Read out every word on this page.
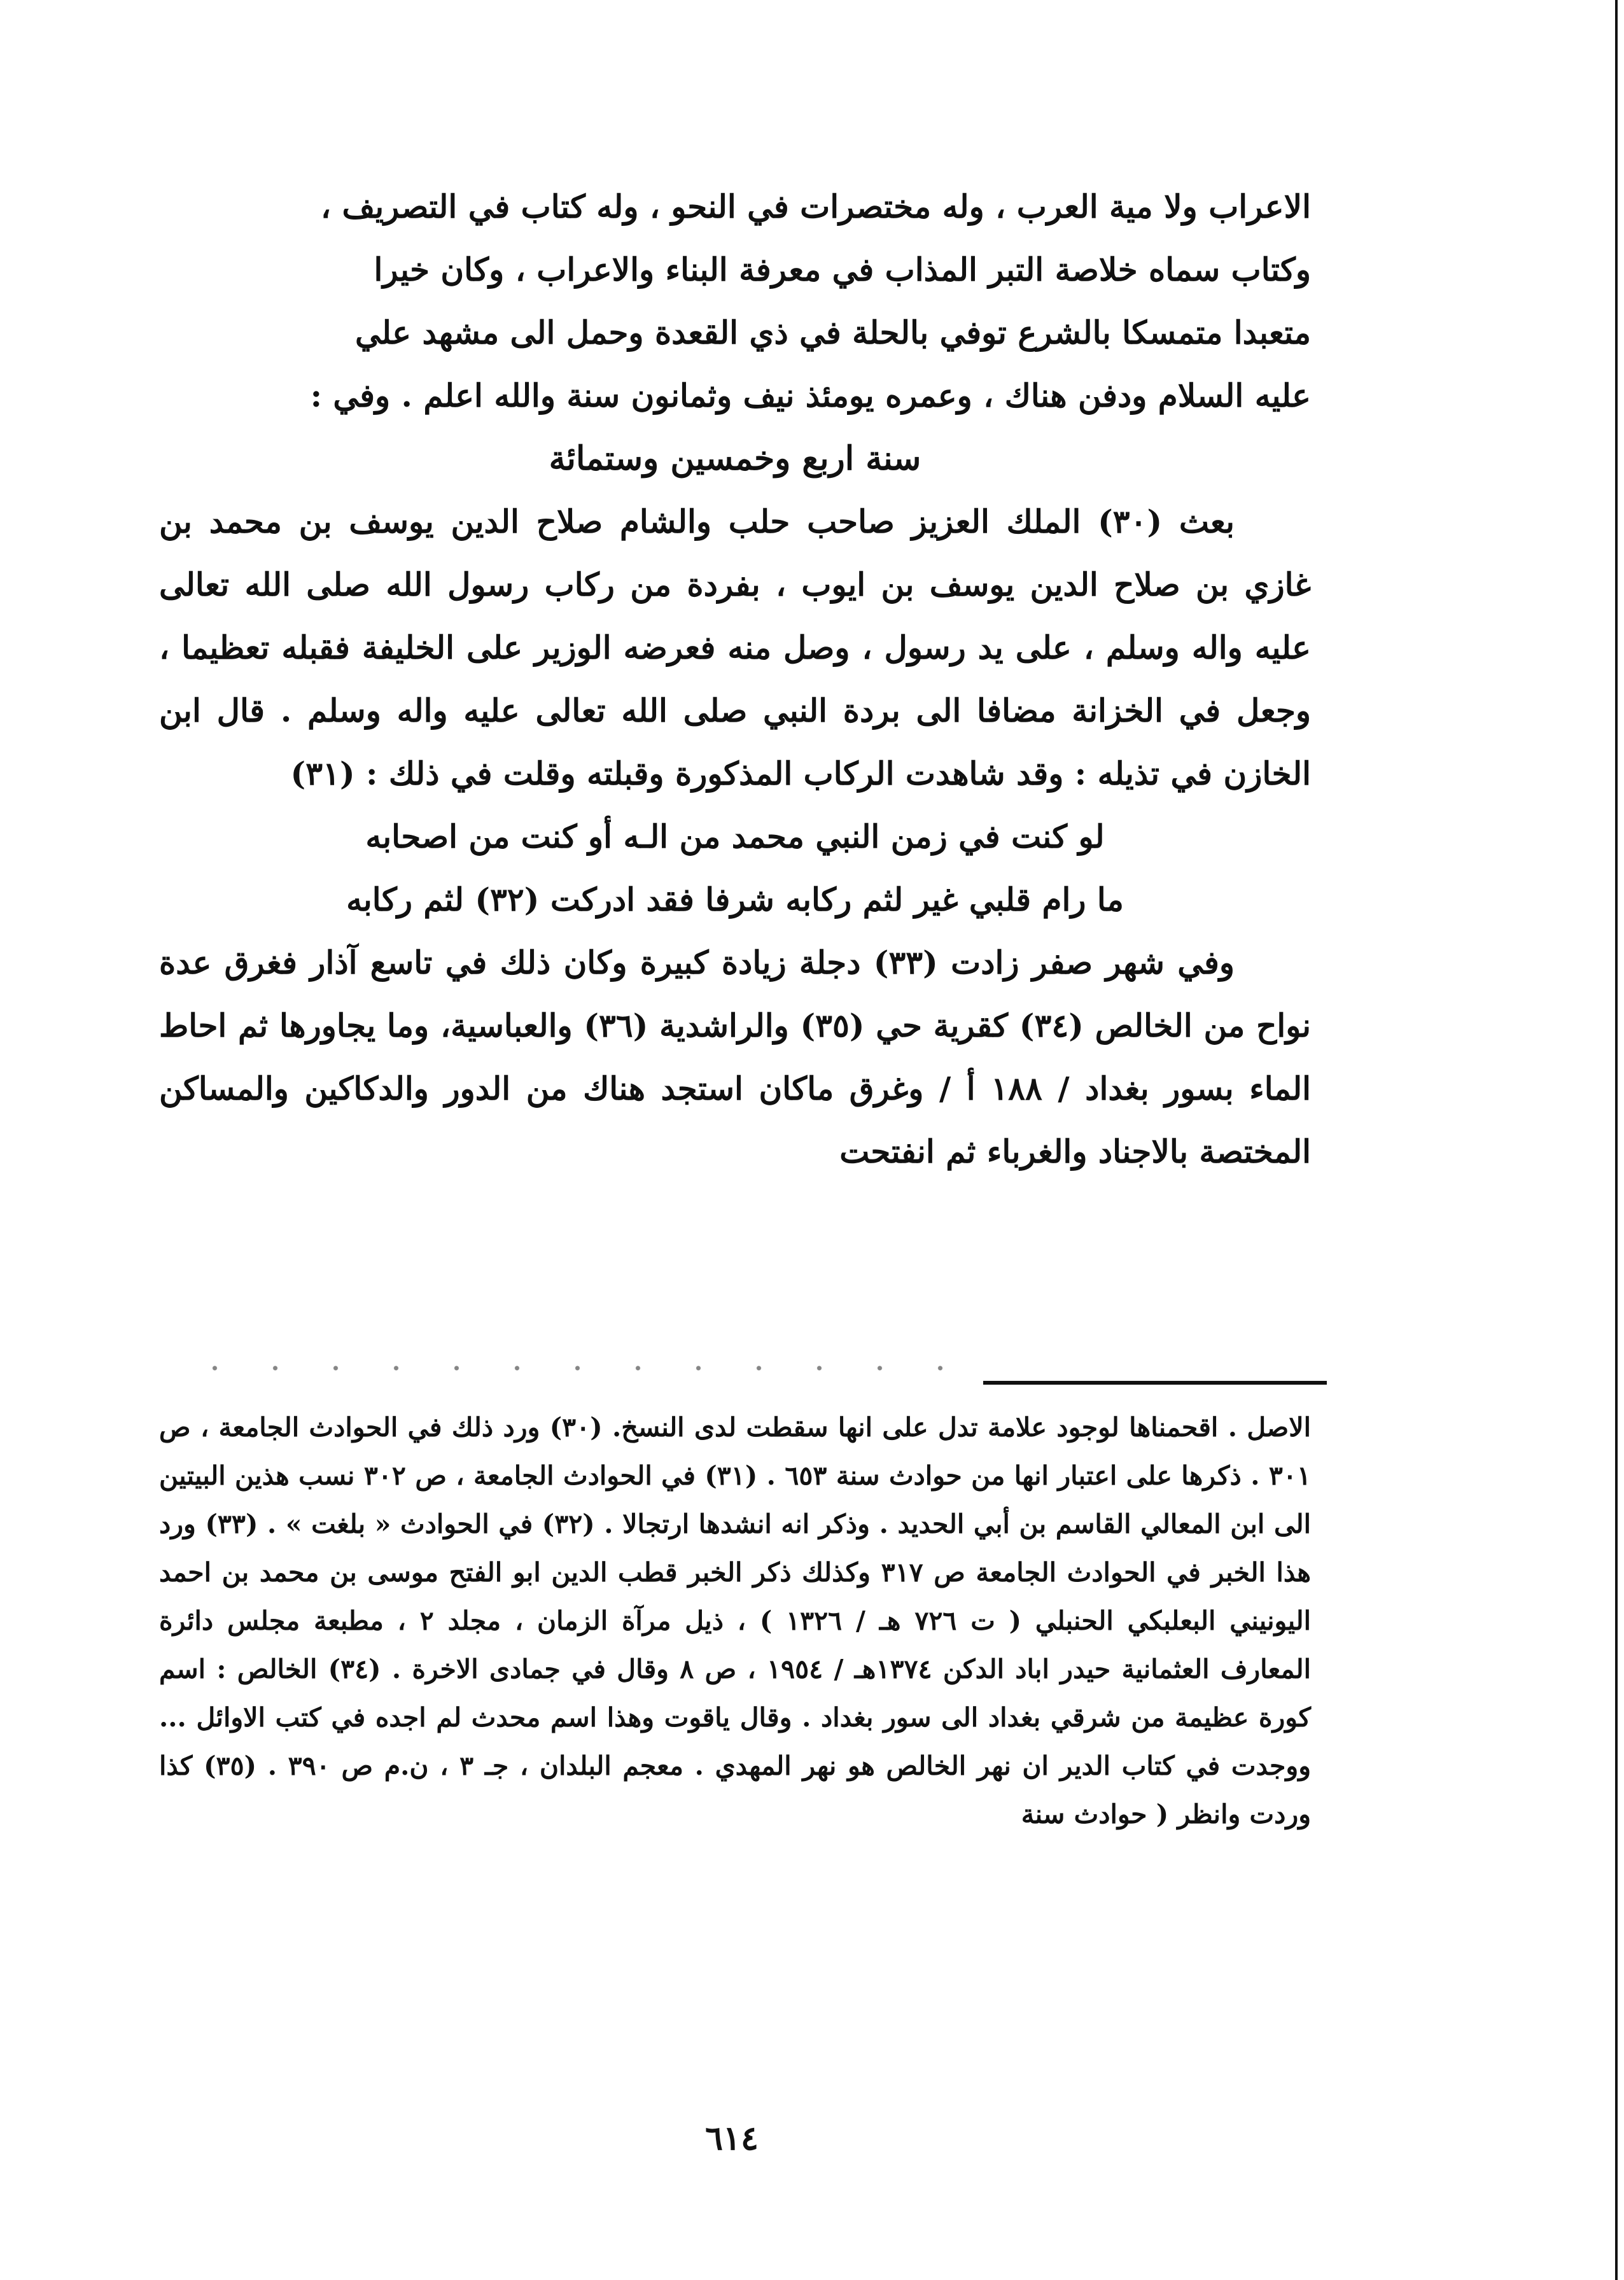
الاعراب ولا مية العرب ، وله مختصرات في النحو ، وله كتاب في التصريف ،

وكتاب سماه خلاصة التبر المذاب في معرفة البناء والاعراب ، وكان خيرا

متعبدا متمسكا بالشرع توفي بالحلة في ذي القعدة وحمل الى مشهد علي

عليه السلام ودفن هناك ، وعمره يومئذ نيف وثمانون سنة والله اعلم . وفي :

سنة اربع وخمسين وستمائة

بعث (٣٠) الملك العزيز صاحب حلب والشام صلاح الدين يوسف بن محمد بن غازي بن صلاح الدين يوسف بن ايوب ، بفردة من ركاب رسول الله صلى الله تعالى عليه واله وسلم ، على يد رسول ، وصل منه فعرضه الوزير على الخليفة فقبله تعظيما ، وجعل في الخزانة مضافا الى بردة النبي صلى الله تعالى عليه واله وسلم . قال ابن الخازن في تذيله : وقد شاهدت الركاب المذكورة وقبلته وقلت في ذلك : (٣١)

لو كنت في زمن النبي محمد من الـه أو كنت من اصحابه
ما رام قلبي غير لثم ركابه شرفا فقد ادركت (٣٢) لثم ركابه

وفي شهر صفر زادت (٣٣) دجلة زيادة كبيرة وكان ذلك في تاسع آذار فغرق عدة نواح من الخالص (٣٤) كقرية حي (٣٥) والراشدية (٣٦) والعباسية، وما يجاورها ثم احاط الماء بسور بغداد / ١٨٨ أ / وغرق ماكان استجد هناك من الدور والدكاكين والمساكن المختصة بالاجناد والغرباء ثم انفتحت

الاصل . اقحمناها لوجود علامة تدل على انها سقطت لدى النسخ. (٣٠) ورد ذلك في الحوادث الجامعة ، ص ٣٠١ . ذكرها على اعتبار انها من حوادث سنة ٦٥٣ . (٣١) في الحوادث الجامعة ، ص ٣٠٢ نسب هذين البيتين الى ابن المعالي القاسم بن أبي الحديد . وذكر انه انشدها ارتجالا . (٣٢) في الحوادث « بلغت » . (٣٣) ورد هذا الخبر في الحوادث الجامعة ص ٣١٧ وكذلك ذكر الخبر قطب الدين ابو الفتح موسى بن محمد بن احمد اليونيني البعلبكي الحنبلي ( ت ٧٢٦ هـ / ١٣٢٦ ) ، ذيل مرآة الزمان ، مجلد ٢ ، مطبعة مجلس دائرة المعارف العثمانية حيدر اباد الدكن ١٣٧٤هـ / ١٩٥٤ ، ص ٨ وقال في جمادى الاخرة . (٣٤) الخالص : اسم كورة عظيمة من شرقي بغداد الى سور بغداد . وقال ياقوت وهذا اسم محدث لم اجده في كتب الاوائل ... ووجدت في كتاب الدير ان نهر الخالص هو نهر المهدي . معجم البلدان ، جـ ٣ ، ن.م ص ٣٩٠ . (٣٥) كذا وردت وانظر ( حوادث سنة

٦١٤
